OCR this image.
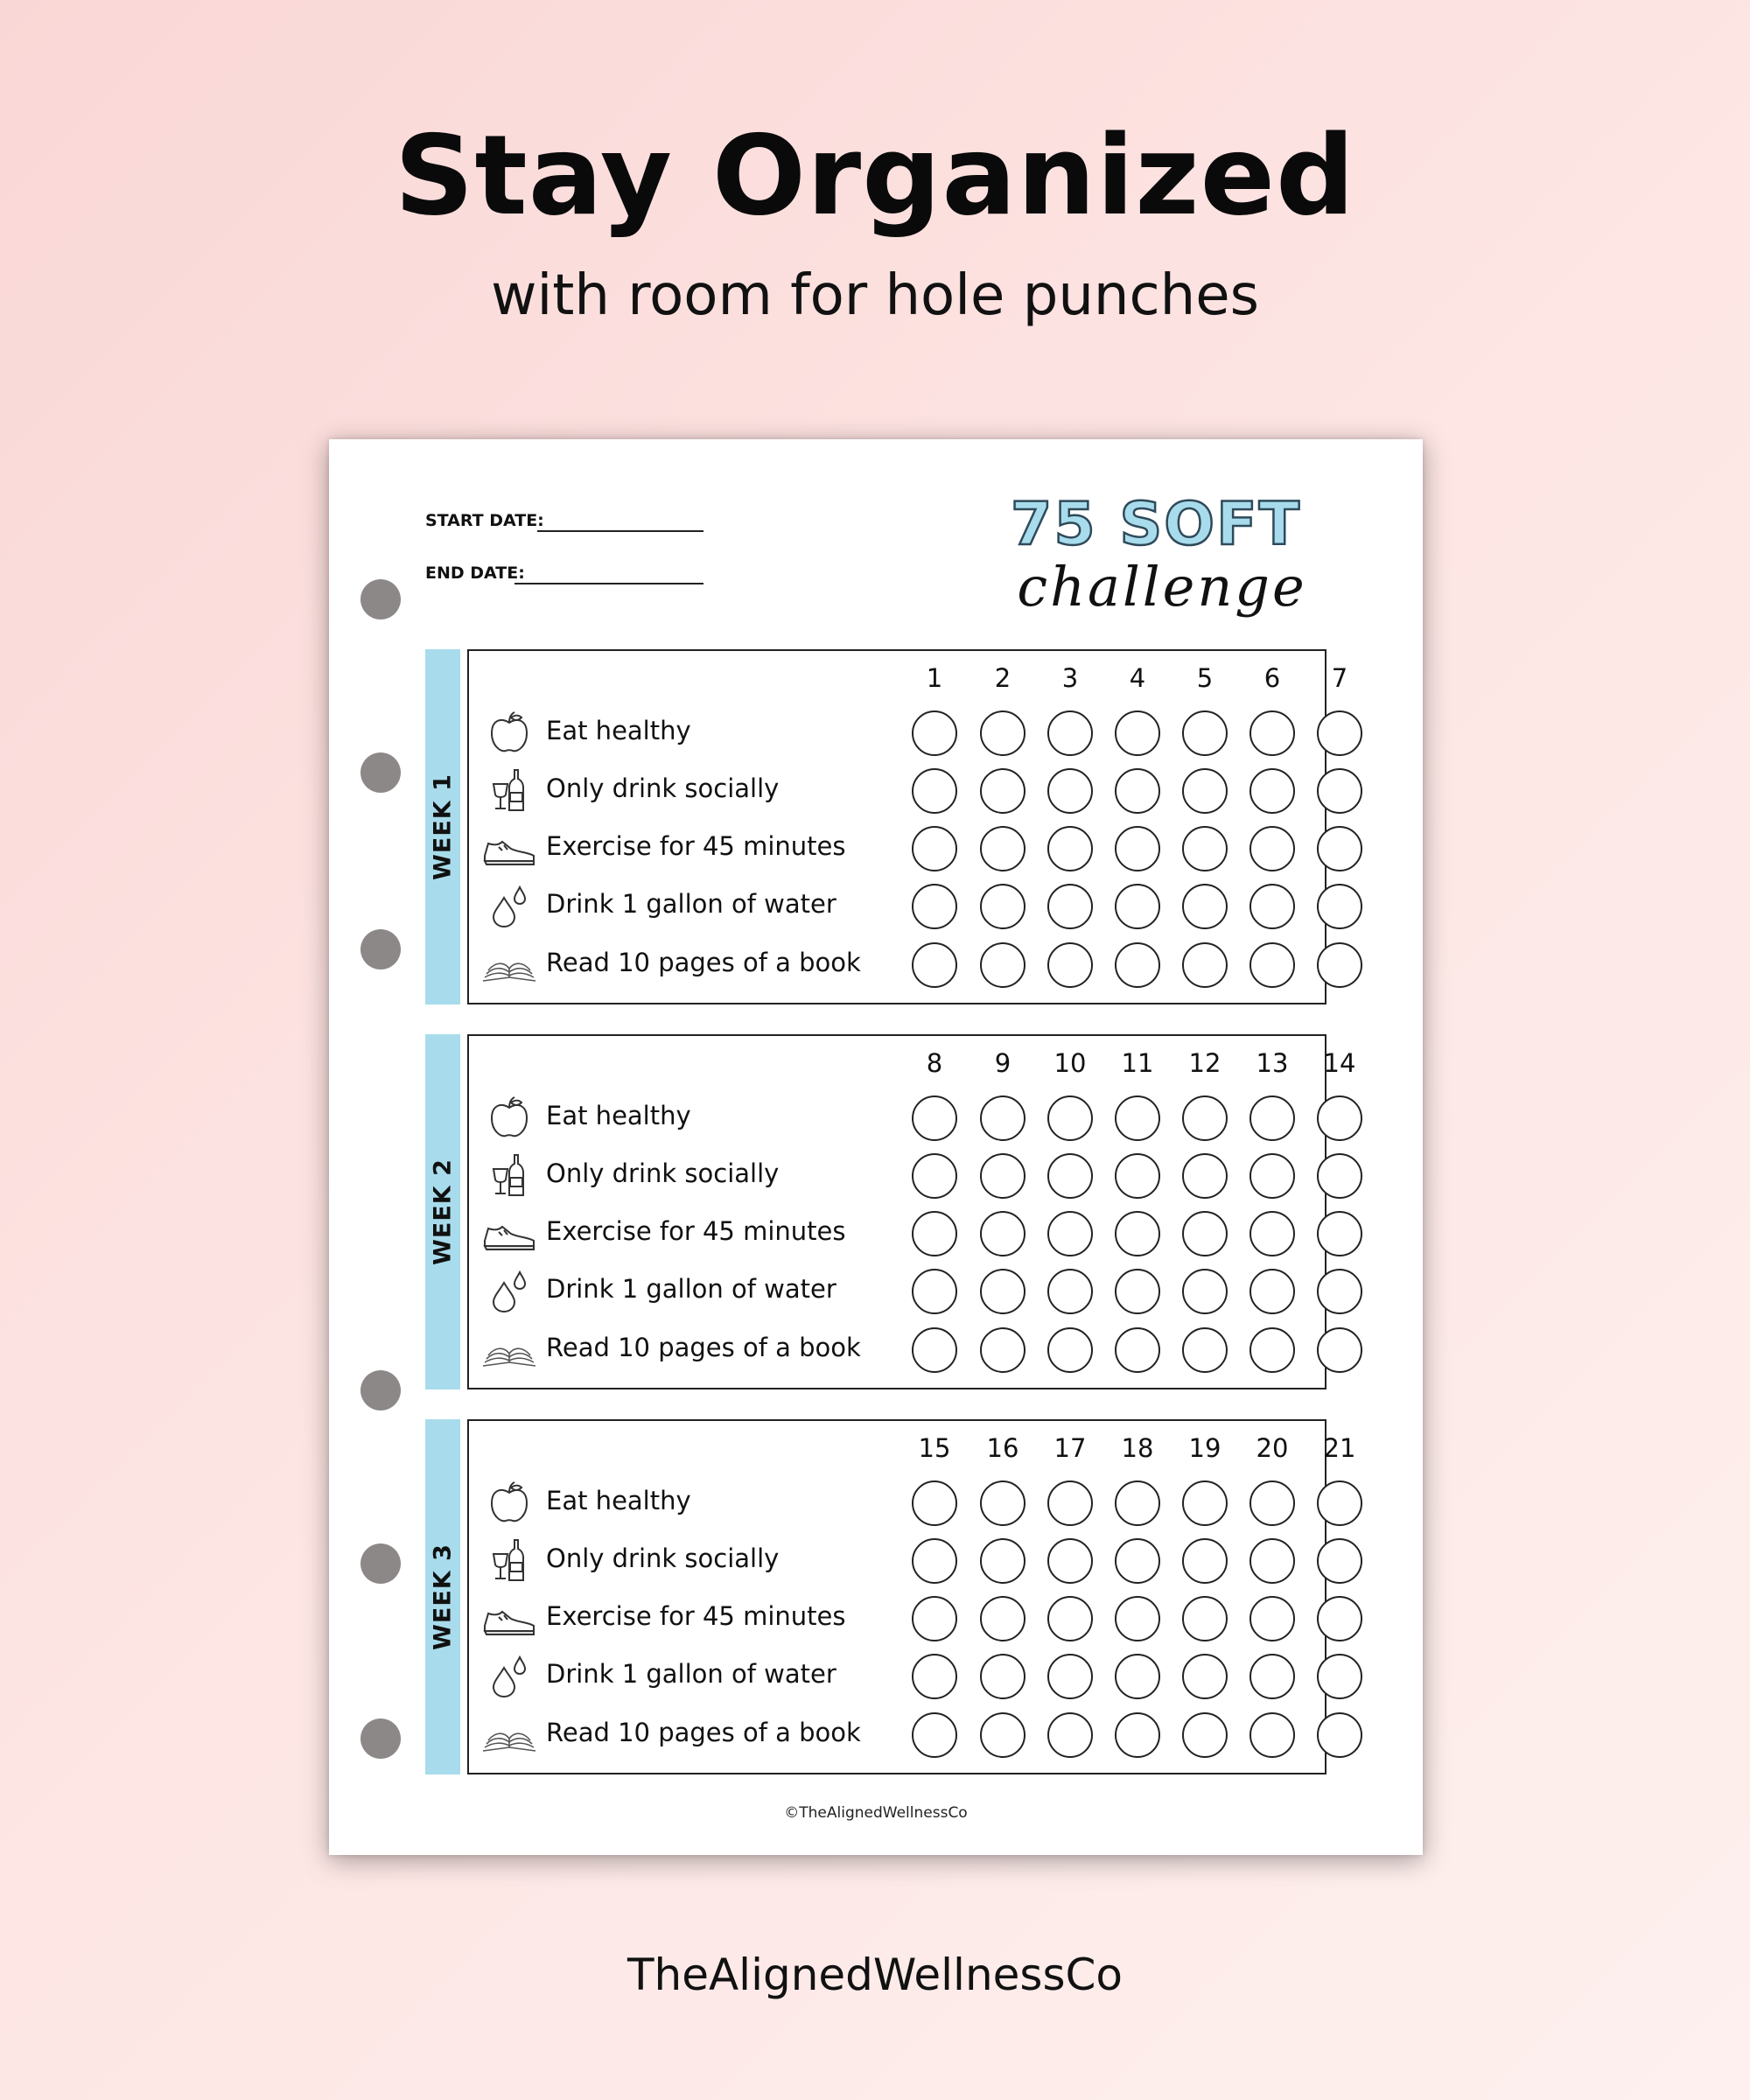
Stay Organized
with room for hole punches
START DATE:
END DATE:
75 SOFT
challenge
WEEK 1
1	2	3	4	5	6	7
Eat healthy
Only drink socially
Exercise for 45 minutes
Drink 1 gallon of water
Read 10 pages of a book
WEEK 2
8	9	10	11	12	13	14
Eat healthy
Only drink socially
Exercise for 45 minutes
Drink 1 gallon of water
Read 10 pages of a book
WEEK 3
15	16	17	18	19	20	21
Eat healthy
Only drink socially
Exercise for 45 minutes
Drink 1 gallon of water
Read 10 pages of a book
©TheAlignedWellnessCo
TheAlignedWellnessCo
